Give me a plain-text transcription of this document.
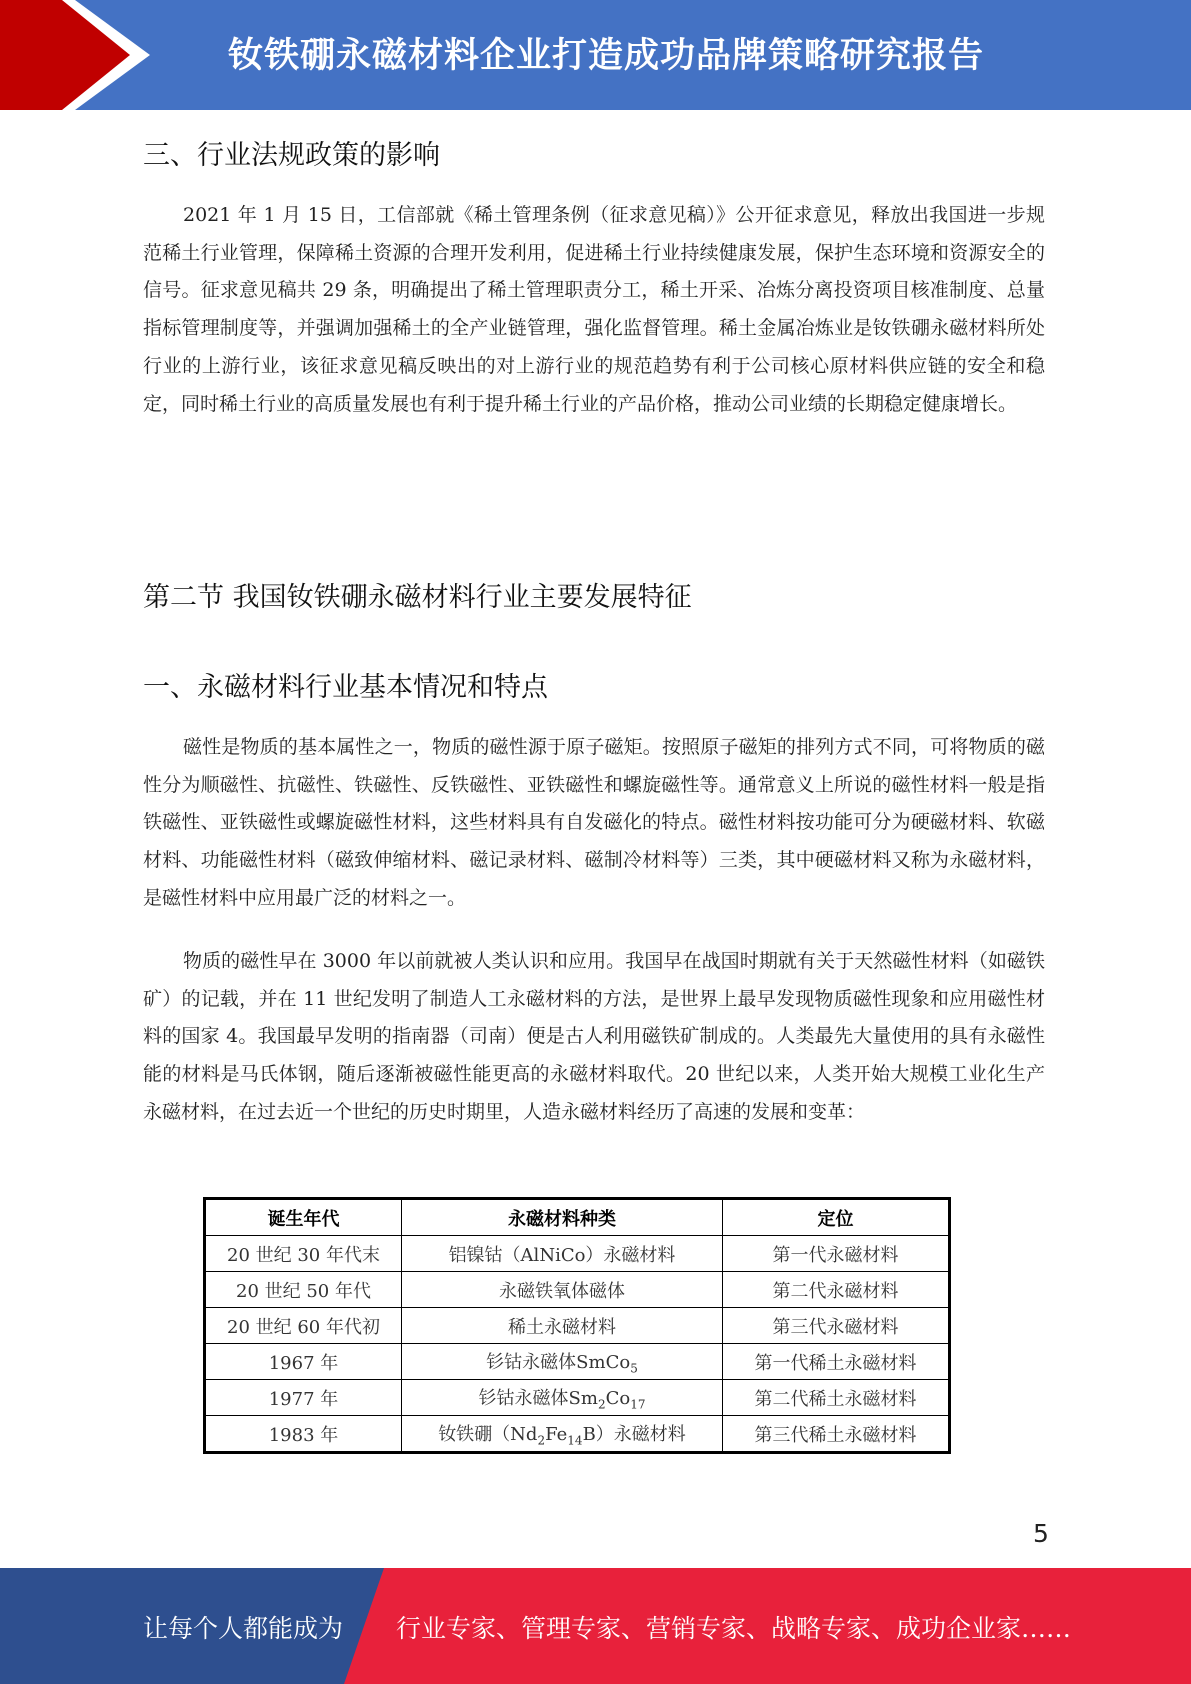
钕铁硼永磁材料企业打造成功品牌策略研究报告
三、行业法规政策的影响

2021 年 1 月 15 日，工信部就《稀土管理条例（征求意见稿）》公开征求意见，释放出我国进一步规范稀土行业管理，保障稀土资源的合理开发利用，促进稀土行业持续健康发展，保护生态环境和资源安全的信号。征求意见稿共 29 条，明确提出了稀土管理职责分工，稀土开采、冶炼分离投资项目核准制度、总量指标管理制度等，并强调加强稀土的全产业链管理，强化监督管理。稀土金属冶炼业是钕铁硼永磁材料所处行业的上游行业，该征求意见稿反映出的对上游行业的规范趋势有利于公司核心原材料供应链的安全和稳定，同时稀土行业的高质量发展也有利于提升稀土行业的产品价格，推动公司业绩的长期稳定健康增长。

第二节 我国钕铁硼永磁材料行业主要发展特征
一、永磁材料行业基本情况和特点

磁性是物质的基本属性之一，物质的磁性源于原子磁矩。按照原子磁矩的排列方式不同，可将物质的磁性分为顺磁性、抗磁性、铁磁性、反铁磁性、亚铁磁性和螺旋磁性等。通常意义上所说的磁性材料一般是指铁磁性、亚铁磁性或螺旋磁性材料，这些材料具有自发磁化的特点。磁性材料按功能可分为硬磁材料、软磁材料、功能磁性材料（磁致伸缩材料、磁记录材料、磁制冷材料等）三类，其中硬磁材料又称为永磁材料，是磁性材料中应用最广泛的材料之一。

物质的磁性早在 3000 年以前就被人类认识和应用。我国早在战国时期就有关于天然磁性材料（如磁铁矿）的记载，并在 11 世纪发明了制造人工永磁材料的方法，是世界上最早发现物质磁性现象和应用磁性材料的国家 4。我国最早发明的指南器（司南）便是古人利用磁铁矿制成的。人类最先大量使用的具有永磁性能的材料是马氏体钢，随后逐渐被磁性能更高的永磁材料取代。20 世纪以来，人类开始大规模工业化生产永磁材料，在过去近一个世纪的历史时期里，人造永磁材料经历了高速的发展和变革：

诞生年代	永磁材料种类	定位
20 世纪 30 年代末	铝镍钴（AlNiCo）永磁材料	第一代永磁材料
20 世纪 50 年代	永磁铁氧体磁体	第二代永磁材料
20 世纪 60 年代初	稀土永磁材料	第三代永磁材料
1967 年	钐钴永磁体SmCo$_5$	第一代稀土永磁材料
1977 年	钐钴永磁体$Sm_2Co_{17}$	第二代稀土永磁材料
1983 年	钕铁硼$(Nd_2Fe_{14}B)$永磁材料	第三代稀土永磁材料
5
让每个人都能成为 行业专家、管理专家、营销专家、战略专家、成功企业家……
